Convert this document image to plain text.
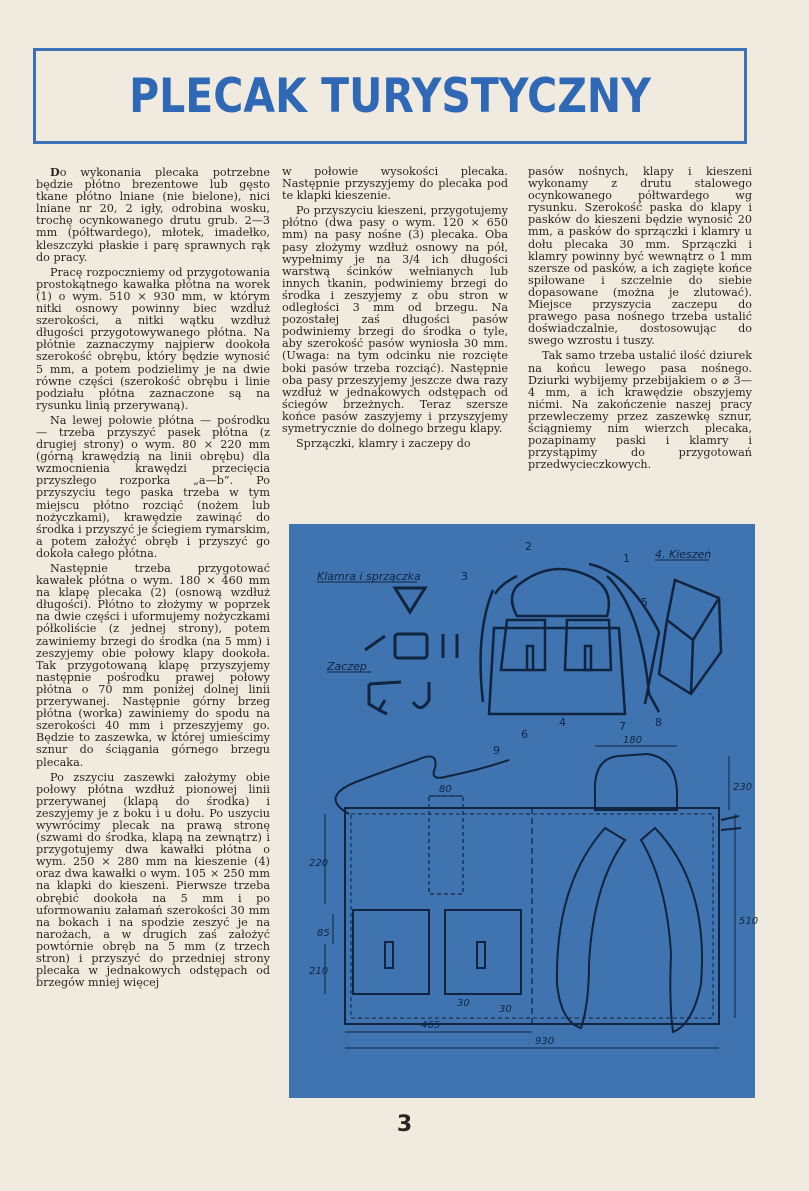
PLECAK TURYSTYCZNY

Do wykonania plecaka potrzebne będzie płótno brezentowe lub gęsto tkane płótno lniane (nie bielone), nici lniane nr 20, 2 igły, odrobina wosku, trochę ocynkowanego drutu grub. 2—3 mm (półtwardego), młotek, imadełko, kleszczyki płaskie i parę sprawnych rąk do pracy.

Pracę rozpoczniemy od przygotowania prostokątnego kawałka płótna na worek (1) o wym. 510 × 930 mm, w którym nitki osnowy powinny biec wzdłuż szerokości, a nitki wątku wzdłuż długości przygotowywanego płótna. Na płótnie zaznaczymy najpierw dookoła szerokość obrębu, który będzie wynosić 5 mm, a potem podzielimy je na dwie równe części (szerokość obrębu i linie podziału płótna zaznaczone są na rysunku linią przerywaną).

Na lewej połowie płótna — pośrodku — trzeba przyszyć pasek płótna (z drugiej strony) o wym. 80 × 220 mm (górną krawędzią na linii obrębu) dla wzmocnienia krawędzi przecięcia przyszłego rozporka „a—b”. Po przyszyciu tego paska trzeba w tym miejscu płótno rozciąć (nożem lub nożyczkami), krawędzie zawinąć do środka i przyszyć je ściegiem rymarskim, a potem założyć obręb i przyszyć go dokoła całego płótna.

Następnie trzeba przygotować kawałek płótna o wym. 180 × 460 mm na klapę plecaka (2) (osnową wzdłuż długości). Płótno to złożymy w poprzek na dwie części i uformujemy nożyczkami półkoliście (z jednej strony), potem zawiniemy brzegi do środka (na 5 mm) i zeszyjemy obie połowy klapy dookoła. Tak przygotowaną klapę przyszyjemy następnie pośrodku prawej połowy płótna o 70 mm poniżej dolnej linii przerywanej. Następnie górny brzeg płótna (worka) zawiniemy do spodu na szerokości 40 mm i przeszyjemy go. Będzie to zaszewka, w której umieścimy sznur do ściągania górnego brzegu plecaka.

Po zszyciu zaszewki założymy obie połowy płótna wzdłuż pionowej linii przerywanej (klapą do środka) i zeszyjemy je z boku i u dołu. Po uszyciu wywrócimy plecak na prawą stronę (szwami do środka, klapą na zewnątrz) i przygotujemy dwa kawałki płótna o wym. 250 × 280 mm na kieszenie (4) oraz dwa kawałki o wym. 105 × 250 mm na klapki do kieszeni. Pierwsze trzeba obrębić dookoła na 5 mm i po uformowaniu załamań szerokości 30 mm na bokach i na spodzie zeszyć je na narożach, a w drugich zaś założyć powtórnie obręb na 5 mm (z trzech stron) i przyszyć do przedniej strony plecaka w jednakowych odstępach od brzegów mniej więcej

w połowie wysokości plecaka. Następnie przyszyjemy do plecaka pod te klapki kieszenie.

Po przyszyciu kieszeni, przygotujemy płótno (dwa pasy o wym. 120 × 650 mm) na pasy nośne (3) plecaka. Oba pasy złożymy wzdłuż osnowy na pół, wypełnimy je na 3/4 ich długości warstwą ścinków wełnianych lub innych tkanin, podwiniemy brzegi do środka i zeszyjemy z obu stron w odległości 3 mm od brzegu. Na pozostałej zaś długości pasów podwiniemy brzegi do środka o tyle, aby szerokość pasów wyniosła 30 mm. (Uwaga: na tym odcinku nie rozcięte boki pasów trzeba rozciąć). Następnie oba pasy przeszyjemy jeszcze dwa razy wzdłuż w jednakowych odstępach od ściegów brzeżnych. Teraz szersze końce pasów zaszyjemy i przyszyjemy symetrycznie do dolnego brzegu klapy.

Sprzączki, klamry i zaczepy do

pasów nośnych, klapy i kieszeni wykonamy z drutu stalowego ocynkowanego półtwardego wg rysunku. Szerokość paska do klapy i pasków do kieszeni będzie wynosić 20 mm, a pasków do sprzączki i klamry u dołu plecaka 30 mm. Sprzączki i klamry powinny być wewnątrz o 1 mm szersze od pasków, a ich zagięte końce spiłowane i szczelnie do siebie dopasowane (można je zlutować). Miejsce przyszycia zaczepu do prawego pasa nośnego trzeba ustalić doświadczalnie, dostosowując do swego wzrostu i tuszy.

Tak samo trzeba ustalić ilość dziurek na końcu lewego pasa nośnego. Dziurki wybijemy przebijakiem o ⌀ 3—4 mm, a ich krawędzie obszyjemy nićmi. Na zakończenie naszej pracy przewleczemy przez zaszewkę sznur, ściągniemy nim wierzch plecaka, pozapinamy paski i klamry i przystąpimy do przygotowań przedwycieczkowych.

Klamra i sprzączka
Zaczep
4. Kieszeń
2
1
3
5
4
6
7	8
9
180
230
80
220
85
210
510
465
930
30
30
3
